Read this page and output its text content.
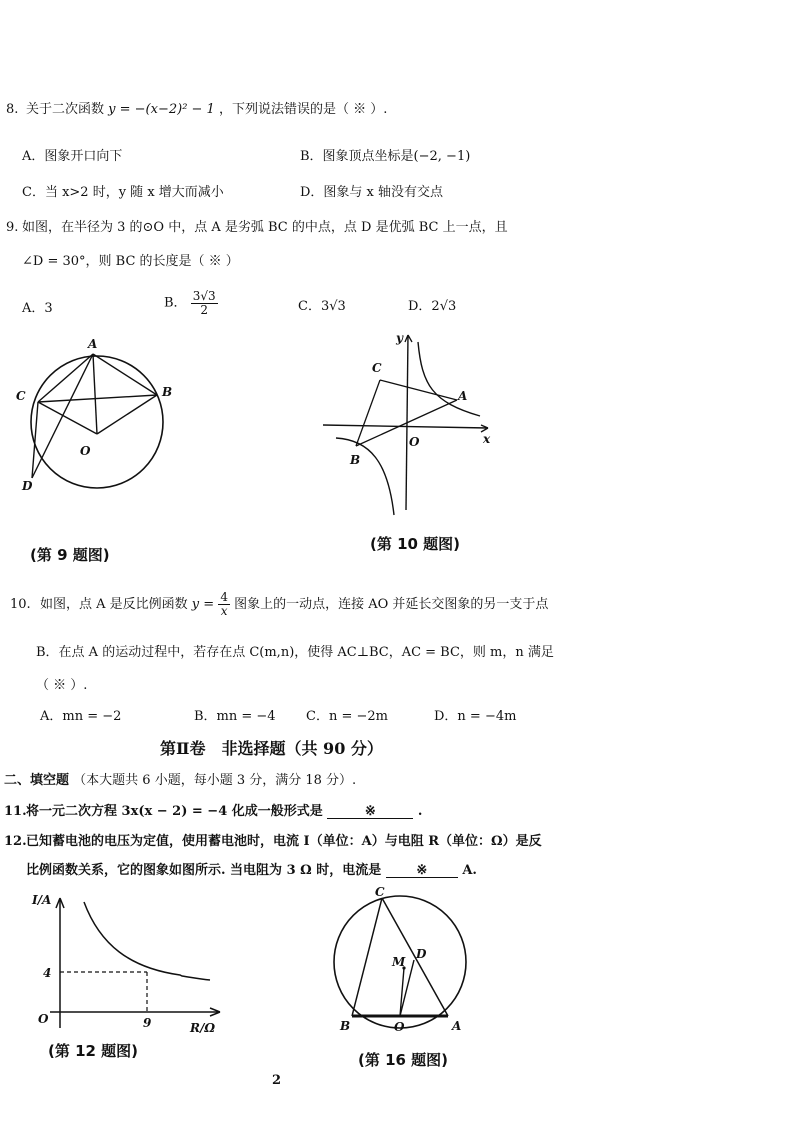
8. 关于二次函数 y = −(x−2)² − 1 ，下列说法错误的是（ ※ ）.
A．图象开口向下	B．图象顶点坐标是(−2, −1)
C．当 x>2 时，y 随 x 增大而减小	D．图象与 x 轴没有交点
9. 如图，在半径为 3 的⊙O 中，点 A 是劣弧 BC 的中点，点 D 是优弧 BC 上一点，且
∠D = 30°，则 BC 的长度是（ ※ ）
A．3	B． $\frac{3√3}{2}$	C．3√3	D．2√3
A
B
C
D
O
(第 9 题图)
y
x
C
A
B
O
(第 10 题图)
10. 如图，点 A 是反比例函数 $y = \frac{4}{x}$ 图象上的一动点，连接 AO 并延长交图象的另一支于点
B．在点 A 的运动过程中，若存在点 C(m,n)，使得 AC⊥BC，AC = BC，则 m，n 满足
（ ※ ）.
A．mn = −2	B．mn = −4 C．n = −2m	D．n = −4m
第Ⅱ卷　非选择题（共 90 分）
二、填空题 （本大题共 6 小题，每小题 3 分，满分 18 分）.
11. 将一元二次方程 3x(x − 2) = −4 化成一般形式是	※	.
12. 已知蓄电池的电压为定值，使用蓄电池时，电流 I（单位：A）与电阻 R（单位：Ω）是反
比例函数关系，它的图象如图所示. 当电阻为 3 Ω 时，电流是	※	A.
I/A
R/Ω
4
9
O
(第 12 题图)
C
D
M
B	O	A
(第 16 题图)
2
